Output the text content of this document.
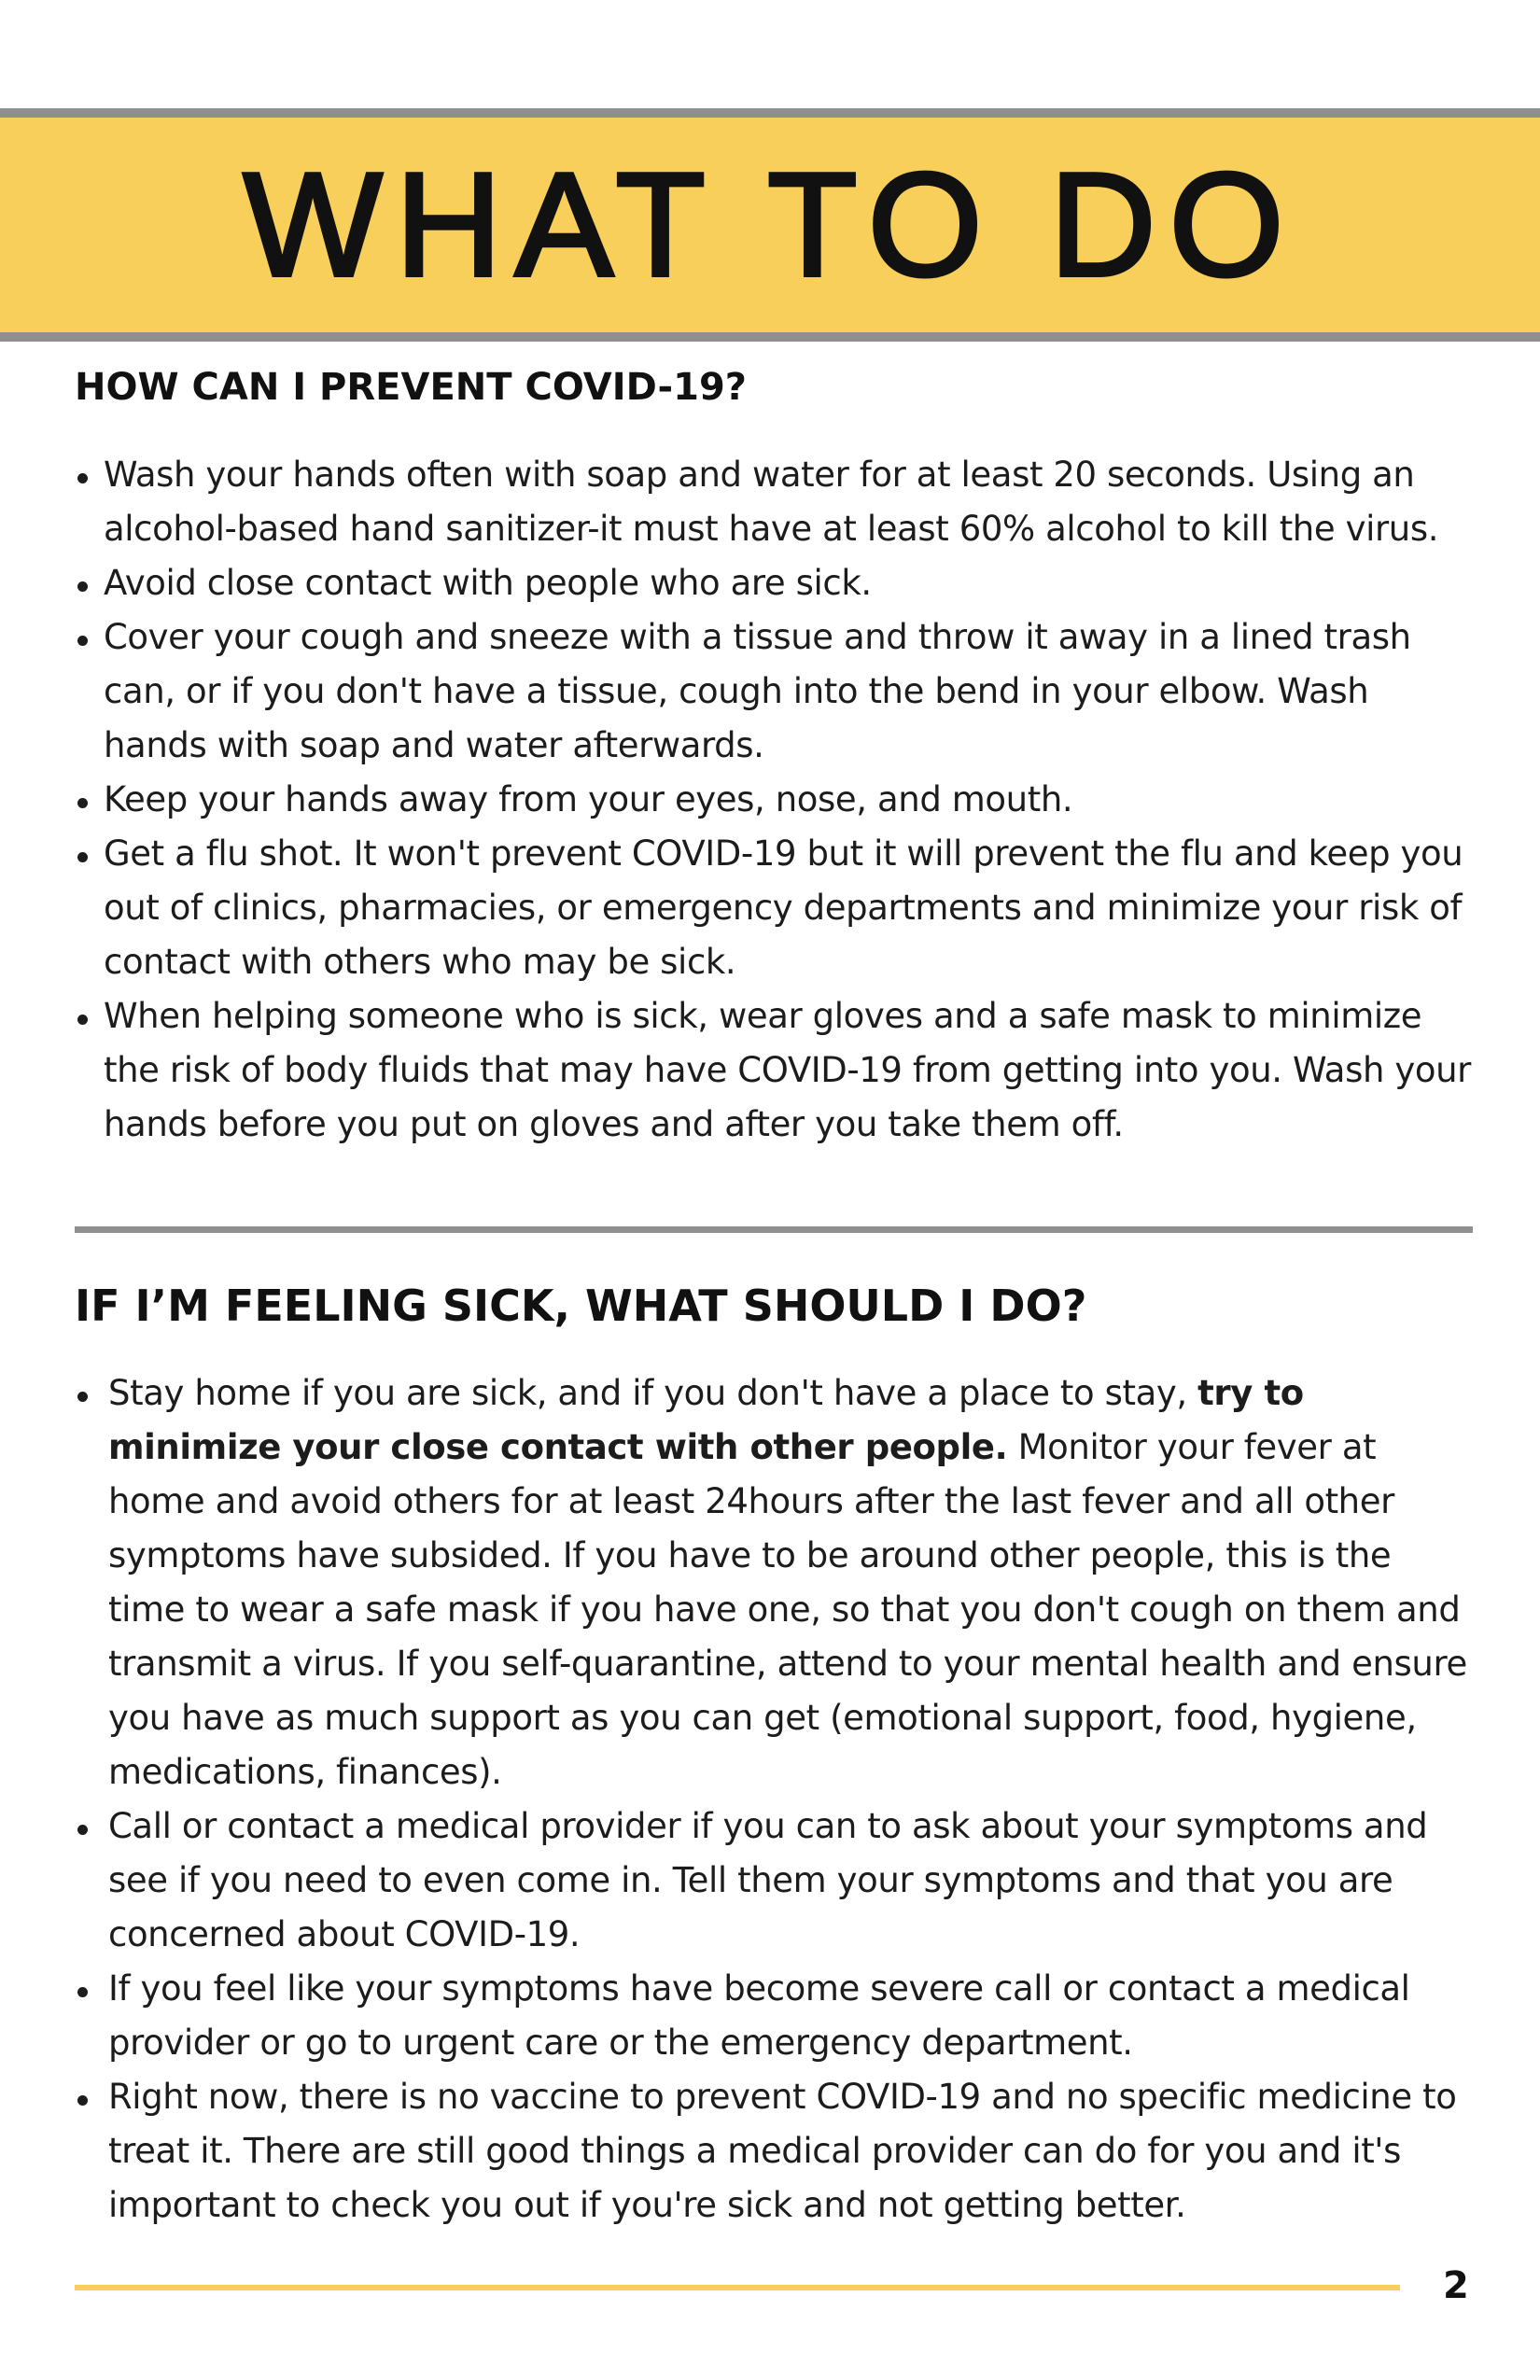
WHAT TO DO
HOW CAN I PREVENT COVID-19?
Wash your hands often with soap and water for at least 20 seconds. Using an alcohol-based hand sanitizer-it must have at least 60% alcohol to kill the virus.
Avoid close contact with people who are sick.
Cover your cough and sneeze with a tissue and throw it away in a lined trash can, or if you don't have a tissue, cough into the bend in your elbow. Wash hands with soap and water afterwards.
Keep your hands away from your eyes, nose, and mouth.
Get a flu shot. It won't prevent COVID-19 but it will prevent the flu and keep you out of clinics, pharmacies, or emergency departments and minimize your risk of contact with others who may be sick.
When helping someone who is sick, wear gloves and a safe mask to minimize the risk of body fluids that may have COVID-19 from getting into you. Wash your hands before you put on gloves and after you take them off.
IF I’M FEELING SICK, WHAT SHOULD I DO?
Stay home if you are sick, and if you don't have a place to stay, try to minimize your close contact with other people. Monitor your fever at home and avoid others for at least 24hours after the last fever and all other symptoms have subsided. If you have to be around other people, this is the time to wear a safe mask if you have one, so that you don't cough on them and transmit a virus. If you self-quarantine, attend to your mental health and ensure you have as much support as you can get (emotional support, food, hygiene, medications, finances).
Call or contact a medical provider if you can to ask about your symptoms and see if you need to even come in. Tell them your symptoms and that you are concerned about COVID-19.
If you feel like your symptoms have become severe call or contact a medical provider or go to urgent care or the emergency department.
Right now, there is no vaccine to prevent COVID-19 and no specific medicine to treat it. There are still good things a medical provider can do for you and it's important to check you out if you're sick and not getting better.
2
